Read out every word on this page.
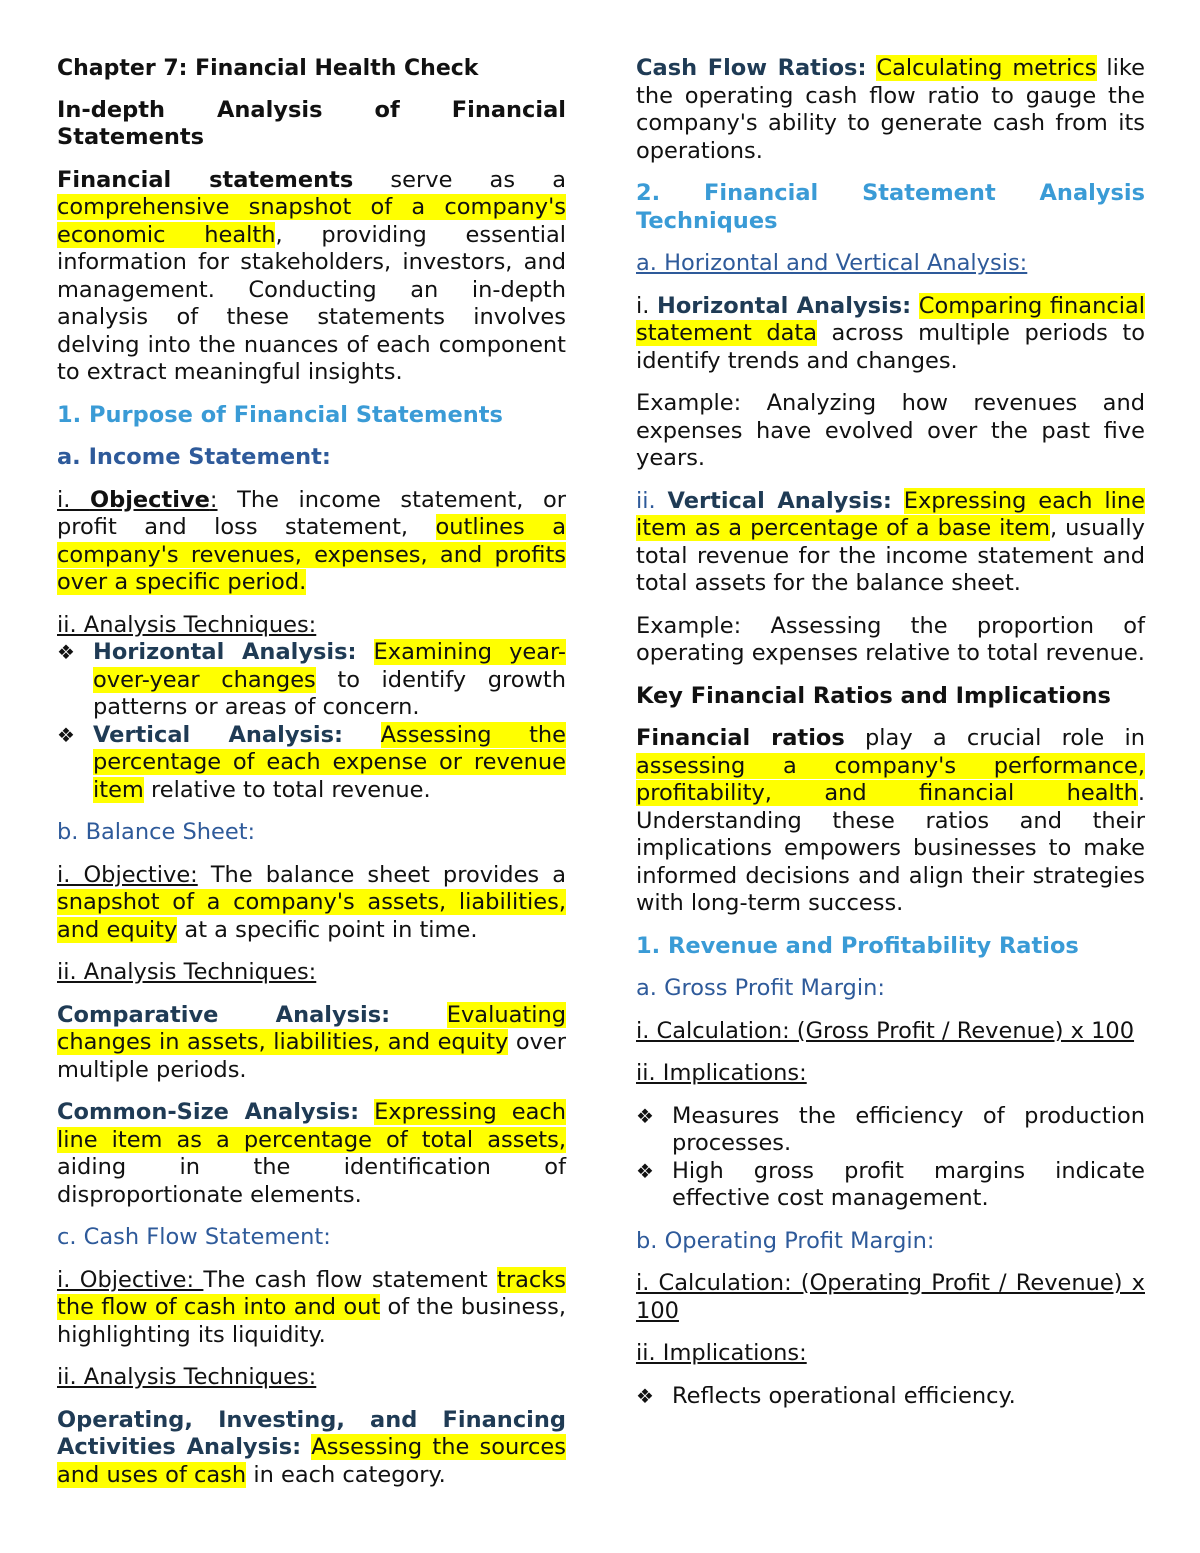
Chapter 7: Financial Health Check

In-depth Analysis of Financial Statements

Financial statements serve as a comprehensive snapshot of a company's economic health, providing essential information for stakeholders, investors, and management. Conducting an in-depth analysis of these statements involves delving into the nuances of each component to extract meaningful insights.

1. Purpose of Financial Statements

a. Income Statement:

i. Objective: The income statement, or profit and loss statement, outlines a company's revenues, expenses, and profits over a specific period.

ii. Analysis Techniques:

❖ Horizontal Analysis: Examining year-over-year changes to identify growth patterns or areas of concern.
❖ Vertical Analysis: Assessing the percentage of each expense or revenue item relative to total revenue.

b. Balance Sheet:

i. Objective: The balance sheet provides a snapshot of a company's assets, liabilities, and equity at a specific point in time.

ii. Analysis Techniques:

Comparative Analysis:	Evaluating changes in assets, liabilities, and equity over multiple periods.

Common-Size Analysis: Expressing each line item as a percentage of total assets, aiding in the identification of disproportionate elements.

c. Cash Flow Statement:

i. Objective: The cash flow statement tracks the flow of cash into and out of the business, highlighting its liquidity.

ii. Analysis Techniques:

Operating, Investing, and Financing Activities Analysis: Assessing the sources and uses of cash in each category.

Cash Flow Ratios: Calculating metrics like the operating cash flow ratio to gauge the company's ability to generate cash from its operations.

2. Financial Statement Analysis Techniques

a. Horizontal and Vertical Analysis:

i. Horizontal Analysis: Comparing financial statement data across multiple periods to identify trends and changes.

Example: Analyzing how revenues and expenses have evolved over the past five years.

ii. Vertical Analysis: Expressing each line item as a percentage of a base item, usually total revenue for the income statement and total assets for the balance sheet.

Example: Assessing the proportion of operating expenses relative to total revenue.

Key Financial Ratios and Implications

Financial ratios play a crucial role in assessing a company's performance, profitability, and financial health. Understanding these ratios and their implications empowers businesses to make informed decisions and align their strategies with long-term success.

1. Revenue and Profitability Ratios

a. Gross Profit Margin:

i. Calculation: (Gross Profit / Revenue) x 100

ii. Implications:

❖ Measures the efficiency of production processes.
❖ High gross profit margins indicate effective cost management.

b. Operating Profit Margin:

i. Calculation: (Operating Profit / Revenue) x 100

ii. Implications:

❖ Reflects operational efficiency.
